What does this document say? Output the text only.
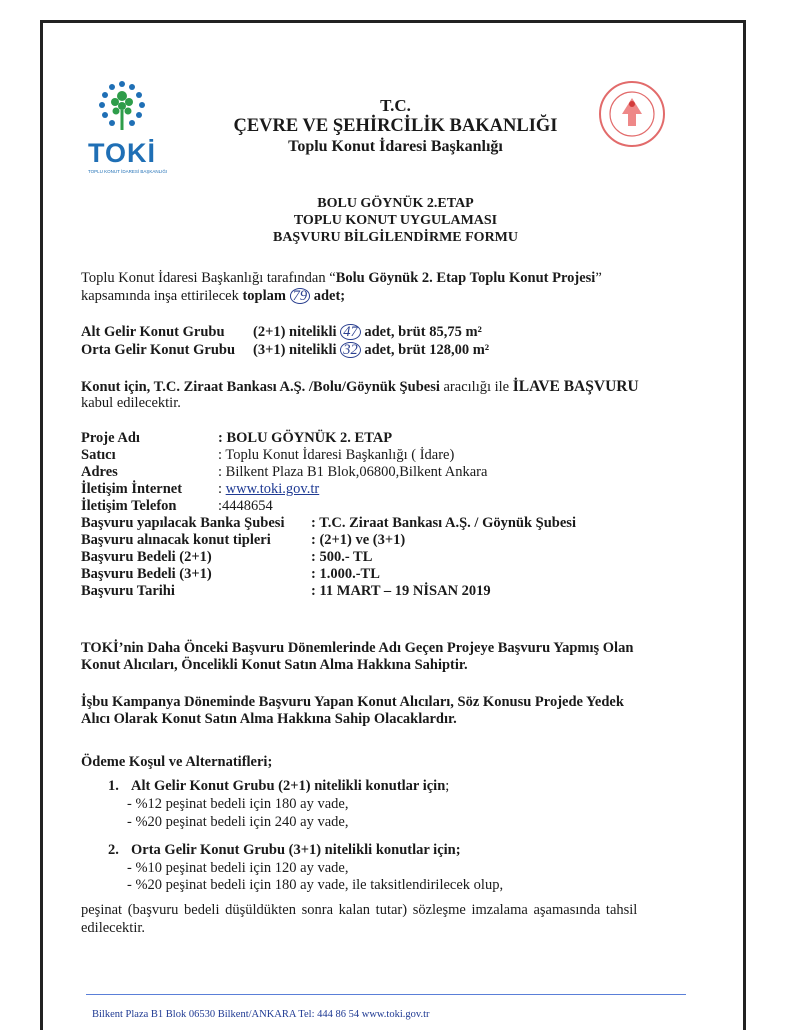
TOKİ
TOPLU KONUT İDARESİ BAŞKANLIĞI
T.C.
ÇEVRE VE ŞEHİRCİLİK BAKANLIĞI
Toplu Konut İdaresi Başkanlığı
BOLU GÖYNÜK 2.ETAP
TOPLU KONUT UYGULAMASI
BAŞVURU BİLGİLENDİRME FORMU
Toplu Konut İdaresi Başkanlığı tarafından “Bolu Göynük 2. Etap Toplu Konut Projesi”
kapsamında inşa ettirilecek toplam 79 adet;
Alt Gelir Konut Grubu (2+1) nitelikli 47 adet, brüt 85,75 m²
Orta Gelir Konut Grubu (3+1) nitelikli 32 adet, brüt 128,00 m²
Konut için, T.C. Ziraat Bankası A.Ş. /Bolu/Göynük Şubesi aracılığı ile İLAVE BAŞVURU
kabul edilecektir.
Proje Adı	: BOLU GÖYNÜK 2. ETAP
Satıcı	: Toplu Konut İdaresi Başkanlığı ( İdare)
Adres	: Bilkent Plaza B1 Blok,06800,Bilkent Ankara
İletişim İnternet : www.toki.gov.tr
İletişim Telefon	:4448654
Başvuru yapılacak Banka Şubesi : T.C. Ziraat Bankası A.Ş. / Göynük Şubesi
Başvuru alınacak konut tipleri	: (2+1) ve (3+1)
Başvuru Bedeli (2+1)	: 500.- TL
Başvuru Bedeli (3+1)	: 1.000.-TL
Başvuru Tarihi	: 11 MART – 19 NİSAN 2019
TOKİ’nin Daha Önceki Başvuru Dönemlerinde Adı Geçen Projeye Başvuru Yapmış Olan
Konut Alıcıları, Öncelikli Konut Satın Alma Hakkına Sahiptir.
İşbu Kampanya Döneminde Başvuru Yapan Konut Alıcıları, Söz Konusu Projede Yedek
Alıcı Olarak Konut Satın Alma Hakkına Sahip Olacaklardır.
Ödeme Koşul ve Alternatifleri;
1. Alt Gelir Konut Grubu (2+1) nitelikli konutlar için;
- %12 peşinat bedeli için 180 ay vade,
- %20 peşinat bedeli için 240 ay vade,
2. Orta Gelir Konut Grubu (3+1) nitelikli konutlar için;
- %10 peşinat bedeli için 120 ay vade,
- %20 peşinat bedeli için 180 ay vade, ile taksitlendirilecek olup,
peşinat (başvuru bedeli düşüldükten sonra kalan tutar) sözleşme imzalama aşamasında tahsil
edilecektir.
Bilkent Plaza B1 Blok 06530 Bilkent/ANKARA Tel: 444 86 54 www.toki.gov.tr
